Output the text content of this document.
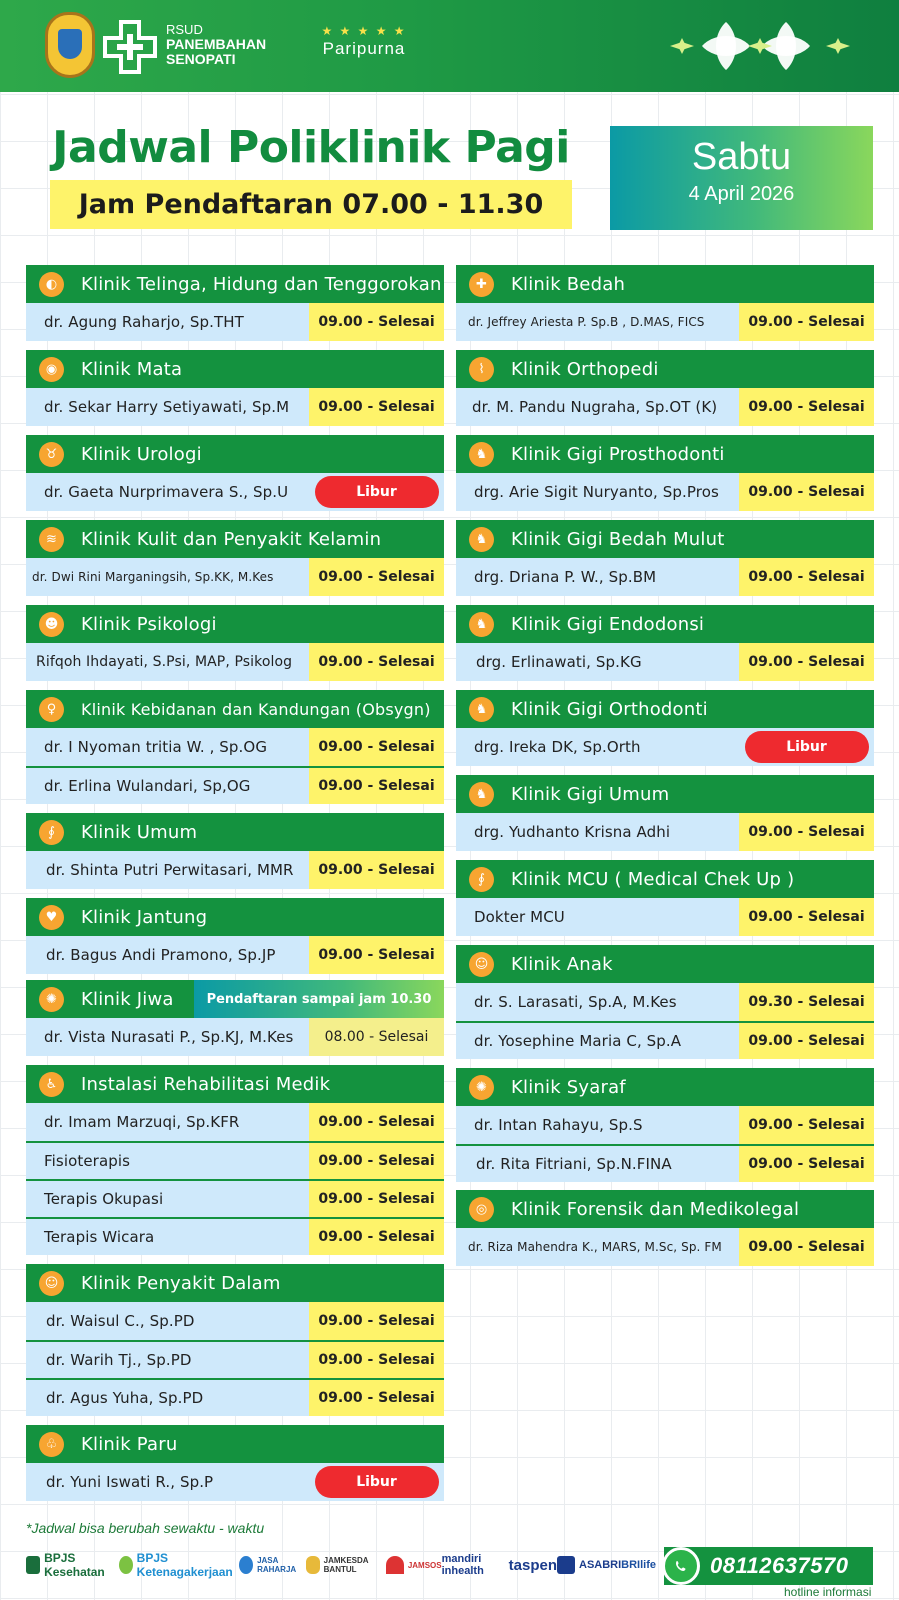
RSUD
PANEMBAHAN
SENOPATI
★ ★ ★ ★ ★
Paripurna
Jadwal Poliklinik Pagi
Jam Pendaftaran 07.00 - 11.30
Sabtu
4 April 2026
◐	Klinik Telinga, Hidung dan Tenggorokan
dr. Agung Raharjo, Sp.THT	09.00 - Selesai
◉	Klinik Mata
dr. Sekar Harry Setiyawati, Sp.M	09.00 - Selesai
♉	Klinik Urologi
dr. Gaeta Nurprimavera S., Sp.U	Libur
≋	Klinik Kulit dan Penyakit Kelamin
dr. Dwi Rini Marganingsih, Sp.KK, M.Kes	09.00 - Selesai
☻	Klinik Psikologi
Rifqoh Ihdayati, S.Psi, MAP, Psikolog	09.00 - Selesai
♀	Klinik Kebidanan dan Kandungan (Obsygn)
dr. I Nyoman tritia W. , Sp.OG	09.00 - Selesai
dr. Erlina Wulandari, Sp,OG	09.00 - Selesai
∮	Klinik Umum
dr. Shinta Putri Perwitasari, MMR	09.00 - Selesai
♥	Klinik Jantung
dr. Bagus Andi Pramono, Sp.JP	09.00 - Selesai
✺	Klinik Jiwa	Pendaftaran sampai jam 10.30
dr. Vista Nurasati P., Sp.KJ, M.Kes	08.00 - Selesai
♿	Instalasi Rehabilitasi Medik
dr. Imam Marzuqi, Sp.KFR	09.00 - Selesai
Fisioterapis	09.00 - Selesai
Terapis Okupasi	09.00 - Selesai
Terapis Wicara	09.00 - Selesai
☺	Klinik Penyakit Dalam
dr. Waisul C., Sp.PD	09.00 - Selesai
dr. Warih Tj., Sp.PD	09.00 - Selesai
dr. Agus Yuha, Sp.PD	09.00 - Selesai
♧	Klinik Paru
dr. Yuni Iswati R., Sp.P	Libur
✚	Klinik Bedah
dr. Jeffrey Ariesta P. Sp.B , D.MAS, FICS	09.00 - Selesai
⌇	Klinik Orthopedi
dr. M. Pandu Nugraha, Sp.OT (K)	09.00 - Selesai
♞	Klinik Gigi Prosthodonti
drg. Arie Sigit Nuryanto, Sp.Pros	09.00 - Selesai
♞	Klinik Gigi Bedah Mulut
drg. Driana P. W., Sp.BM	09.00 - Selesai
♞	Klinik Gigi Endodonsi
drg. Erlinawati, Sp.KG	09.00 - Selesai
♞	Klinik Gigi Orthodonti
drg. Ireka DK, Sp.Orth	Libur
♞	Klinik Gigi Umum
drg. Yudhanto Krisna Adhi	09.00 - Selesai
∮	Klinik MCU ( Medical Chek Up )
Dokter MCU	09.00 - Selesai
☺	Klinik Anak
dr. S. Larasati, Sp.A, M.Kes	09.30 - Selesai
dr. Yosephine Maria C, Sp.A	09.00 - Selesai
✺	Klinik Syaraf
dr. Intan Rahayu, Sp.S	09.00 - Selesai
dr. Rita Fitriani, Sp.N.FINA	09.00 - Selesai
◎	Klinik Forensik dan Medikolegal
dr. Riza Mahendra K., MARS, M.Sc, Sp. FM	09.00 - Selesai
*Jadwal bisa berubah sewaktu - waktu
BPJS Kesehatan
BPJS Ketenagakerjaan
JASA RAHARJA
JAMKESDA BANTUL	JAMSOS mandiri inhealth	taspen ASABRI BRIlife 08112637570
hotline informasi
